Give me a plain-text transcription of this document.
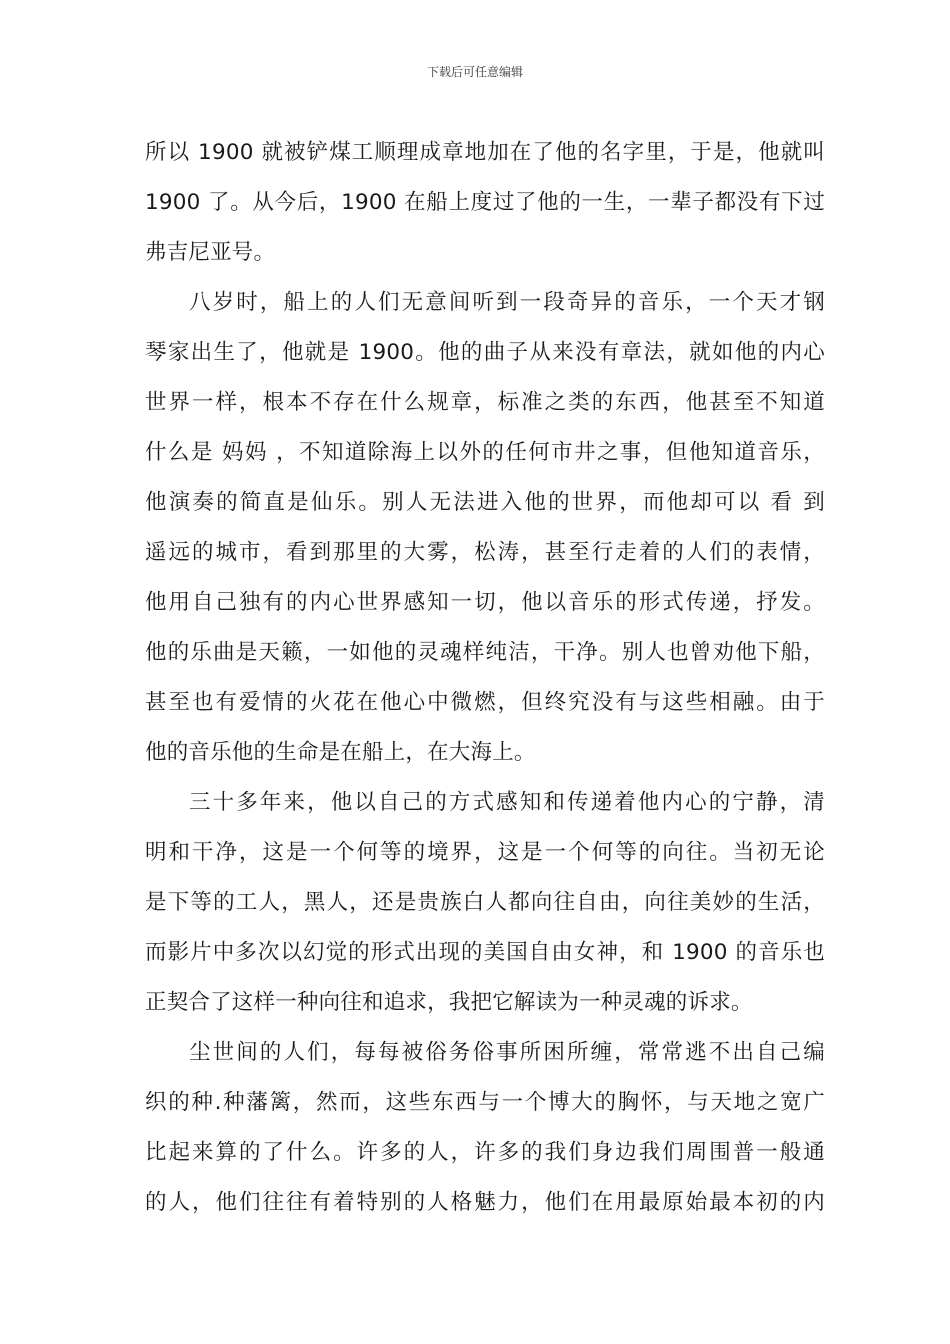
下载后可任意编辑
所以 1900 就被铲煤工顺理成章地加在了他的名字里，于是，他就叫
1900 了。从今后，1900 在船上度过了他的一生，一辈子都没有下过
弗吉尼亚号。
八岁时，船上的人们无意间听到一段奇异的音乐，一个天才钢
琴家出生了，他就是 1900。他的曲子从来没有章法，就如他的内心
世界一样，根本不存在什么规章，标准之类的东西，他甚至不知道
什么是 妈妈 ，不知道除海上以外的任何市井之事，但他知道音乐，
他演奏的简直是仙乐。别人无法进入他的世界，而他却可以 看 到
遥远的城市，看到那里的大雾，松涛，甚至行走着的人们的表情，
他用自己独有的内心世界感知一切，他以音乐的形式传递，抒发。
他的乐曲是天籁，一如他的灵魂样纯洁，干净。别人也曾劝他下船，
甚至也有爱情的火花在他心中微燃，但终究没有与这些相融。由于
他的音乐他的生命是在船上，在大海上。
三十多年来，他以自己的方式感知和传递着他内心的宁静，清
明和干净，这是一个何等的境界，这是一个何等的向往。当初无论
是下等的工人，黑人，还是贵族白人都向往自由，向往美妙的生活，
而影片中多次以幻觉的形式出现的美国自由女神，和 1900 的音乐也
正契合了这样一种向往和追求，我把它解读为一种灵魂的诉求。
尘世间的人们，每每被俗务俗事所困所缠，常常逃不出自己编
织的种.种藩篱，然而，这些东西与一个博大的胸怀，与天地之宽广
比起来算的了什么。许多的人，许多的我们身边我们周围普一般通
的人，他们往往有着特别的人格魅力，他们在用最原始最本初的内
